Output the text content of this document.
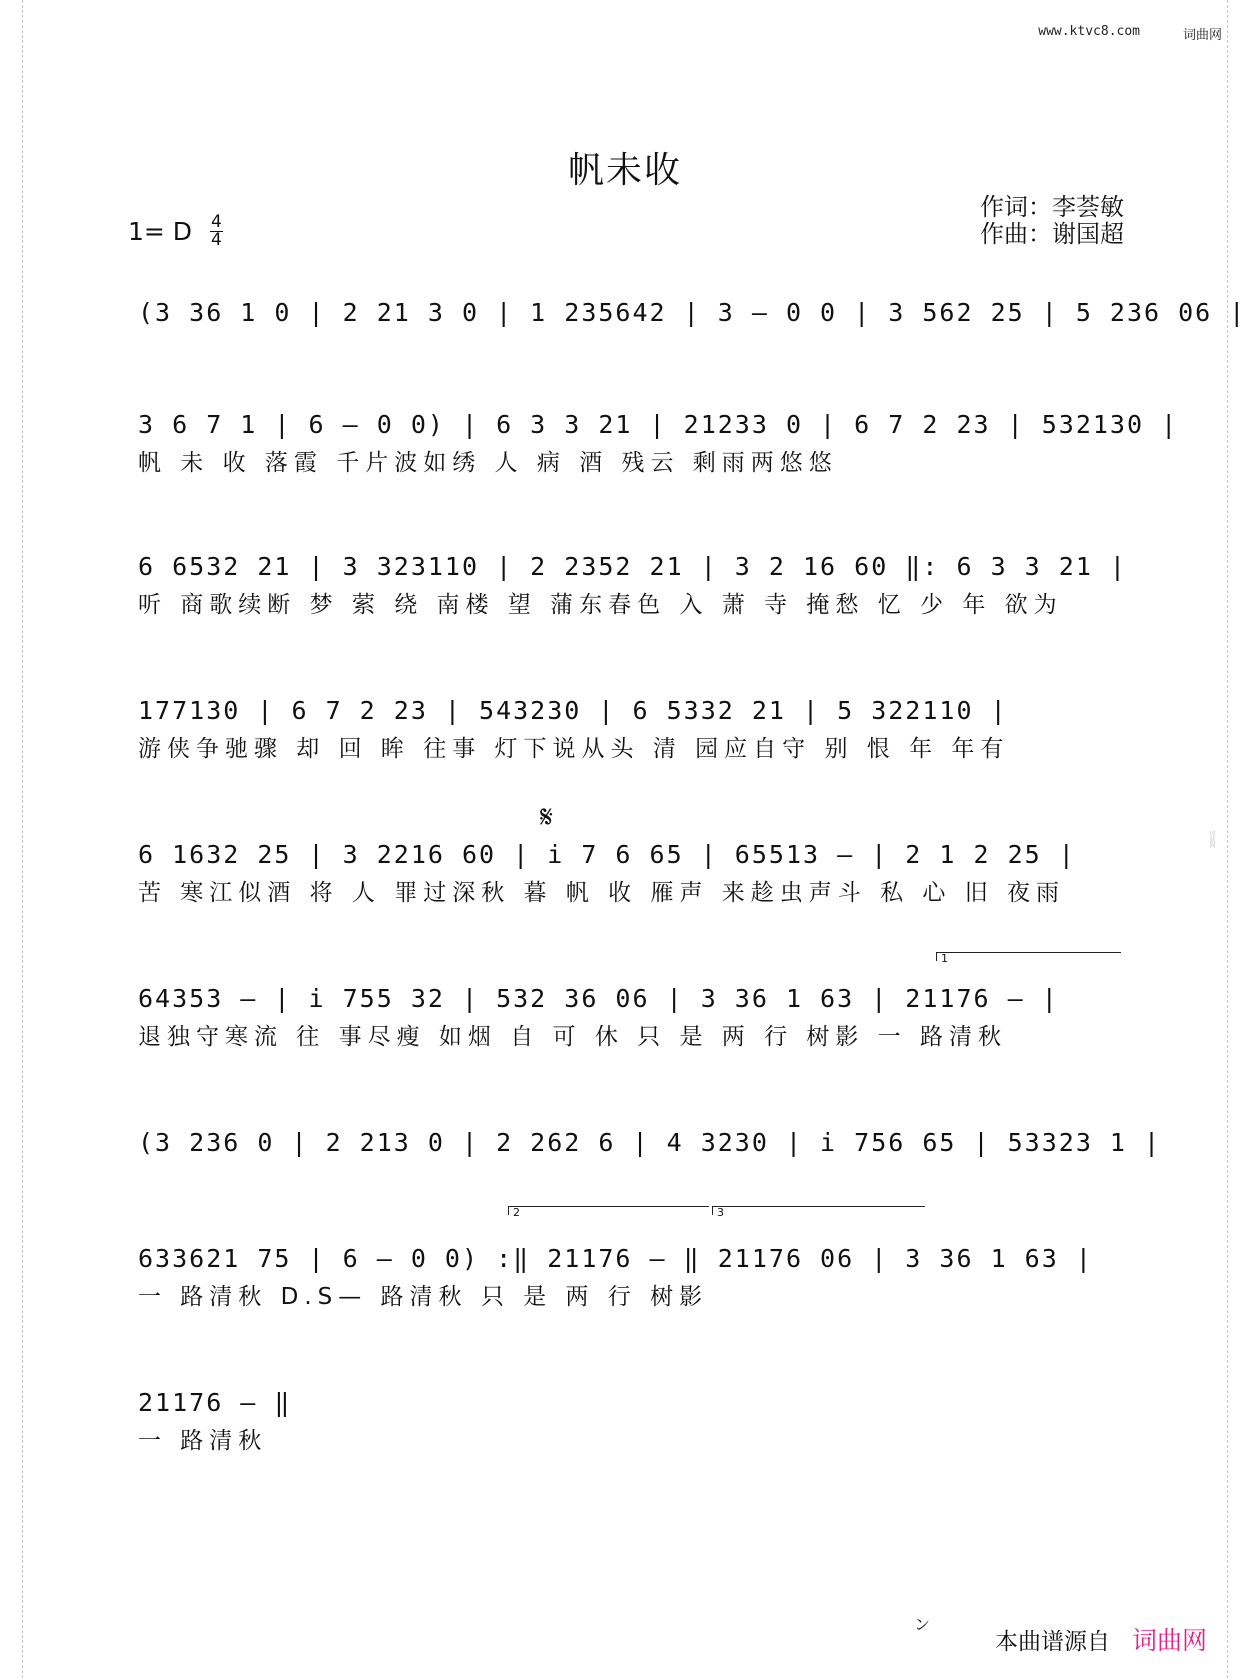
词曲网
www.ktvc8.com	词曲网
帆未收
1= D $\frac{4}{4}$
作词：李荟敏
作曲：谢国超
(3 36 1 0 | 2 21 3 0 | 1 235642 | 3 – 0 0 | 3 562 25 | 5 236 06 |
3 6 7 1 | 6 – 0 0) | 6 3 3 21 | 21233 0 | 6 7 2 23 | 532130 |
帆 未 收 落霞 千片波如绣 人 病 酒 残云 剩雨两悠悠
6 6532 21 | 3 323110 | 2 2352 21 | 3 2 16 60 ‖: 6 3 3 21 |
听 商歌续断 梦 萦 绕 南楼 望 蒲东春色 入 萧 寺 掩愁 忆 少 年 欲为
177130 | 6 7 2 23 | 543230 | 6 5332 21 | 5 322110 |
游侠争驰骤 却 回 眸 往事 灯下说从头 清 园应自守 别 恨 年 年有
6 1632 25 | 3 2216 60 | i 7 6 65 | 65513 – | 2 1 2 25 |
苦 寒江似酒 将 人 罪过深秋 暮 帆 收 雁声 来趁虫声斗 私 心 旧 夜雨
64353 – | i 755 32 | 532 36 06 | 3 36 1 63 | 21176 – |
退独守寒流 往 事尽瘦 如烟 自 可 休 只 是 两 行 树影 一 路清秋
(3 236 0 | 2 213 0 | 2 262 6 | 4 3230 | i 756 65 | 53323 1 |
633621 75 | 6 – 0 0) :‖ 21176 – ‖ 21176 06 | 3 36 1 63 |
一 路清秋 D.S— 路清秋 只 是 两 行 树影
21176 – ‖
一 路清秋
𝄋
1
2	3
ン
本曲谱源自 词曲网
